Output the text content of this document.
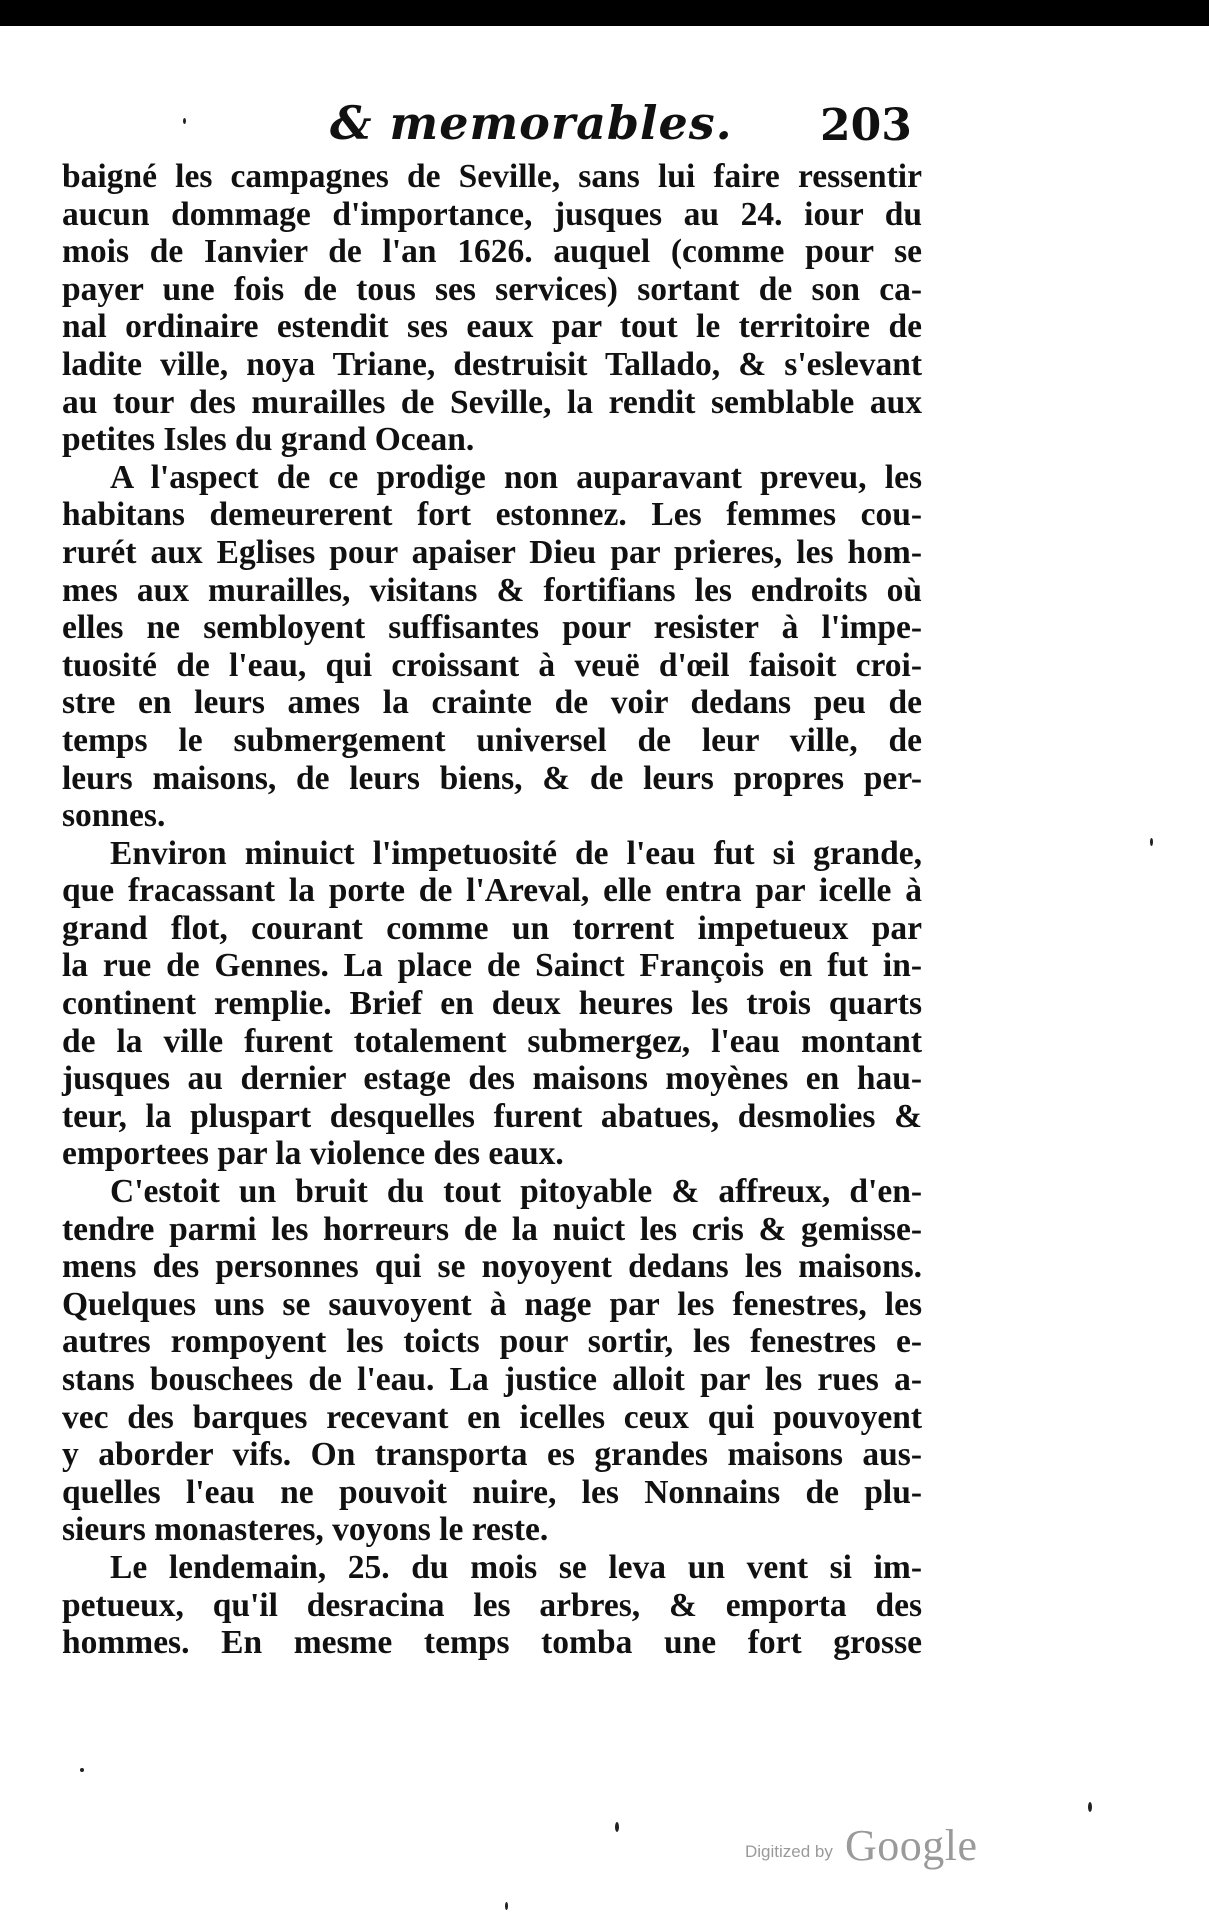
& memorables. 203
baigné les campagnes de Seville, sans lui faire ressentir
aucun dommage d'importance, jusques au 24. iour du
mois de Ianvier de l'an 1626. auquel (comme pour se
payer une fois de tous ses services) sortant de son ca-
nal ordinaire estendit ses eaux par tout le territoire de
ladite ville, noya Triane, destruisit Tallado, & s'eslevant
au tour des murailles de Seville, la rendit semblable aux
petites Isles du grand Ocean.
A l'aspect de ce prodige non auparavant preveu, les
habitans demeurerent fort estonnez. Les femmes cou-
rurét aux Eglises pour apaiser Dieu par prieres, les hom-
mes aux murailles, visitans & fortifians les endroits où
elles ne sembloyent suffisantes pour resister à l'impe-
tuosité de l'eau, qui croissant à veuë d'œil faisoit croi-
stre en leurs ames la crainte de voir dedans peu de
temps le submergement universel de leur ville, de
leurs maisons, de leurs biens, & de leurs propres per-
sonnes.
Environ minuict l'impetuosité de l'eau fut si grande,
que fracassant la porte de l'Areval, elle entra par icelle à
grand flot, courant comme un torrent impetueux par
la rue de Gennes. La place de Sainct François en fut in-
continent remplie. Brief en deux heures les trois quarts
de la ville furent totalement submergez, l'eau montant
jusques au dernier estage des maisons moyènes en hau-
teur, la pluspart desquelles furent abatues, desmolies &
emportees par la violence des eaux.
C'estoit un bruit du tout pitoyable & affreux, d'en-
tendre parmi les horreurs de la nuict les cris & gemisse-
mens des personnes qui se noyoyent dedans les maisons.
Quelques uns se sauvoyent à nage par les fenestres, les
autres rompoyent les toicts pour sortir, les fenestres e-
stans bouschees de l'eau. La justice alloit par les rues a-
vec des barques recevant en icelles ceux qui pouvoyent
y aborder vifs. On transporta es grandes maisons aus-
quelles l'eau ne pouvoit nuire, les Nonnains de plu-
sieurs monasteres, voyons le reste.
Le lendemain, 25. du mois se leva un vent si im-
petueux, qu'il desracina les arbres, & emporta des
hommes. En mesme temps tomba une fort grosse
Digitized by Google
